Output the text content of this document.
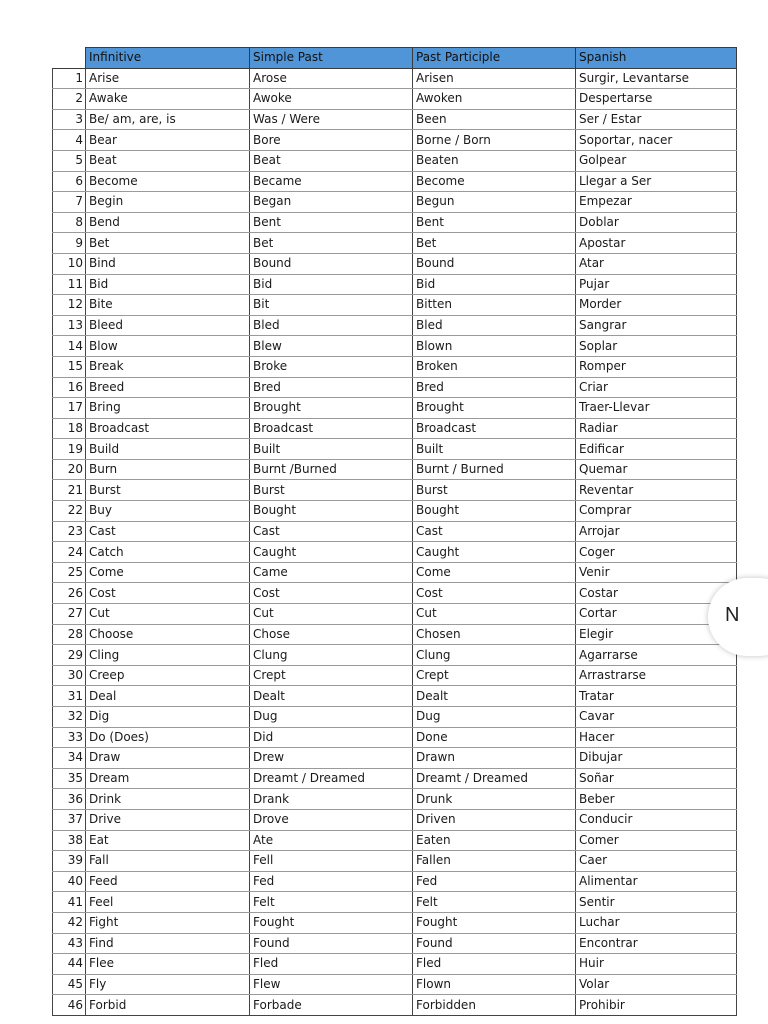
	Infinitive	Simple Past	Past Participle	Spanish
1	Arise	Arose	Arisen	Surgir, Levantarse
2	Awake	Awoke	Awoken	Despertarse
3	Be/ am, are, is	Was / Were	Been	Ser / Estar
4	Bear	Bore	Borne / Born	Soportar, nacer
5	Beat	Beat	Beaten	Golpear
6	Become	Became	Become	Llegar a Ser
7	Begin	Began	Begun	Empezar
8	Bend	Bent	Bent	Doblar
9	Bet	Bet	Bet	Apostar
10	Bind	Bound	Bound	Atar
11	Bid	Bid	Bid	Pujar
12	Bite	Bit	Bitten	Morder
13	Bleed	Bled	Bled	Sangrar
14	Blow	Blew	Blown	Soplar
15	Break	Broke	Broken	Romper
16	Breed	Bred	Bred	Criar
17	Bring	Brought	Brought	Traer-Llevar
18	Broadcast	Broadcast	Broadcast	Radiar
19	Build	Built	Built	Edificar
20	Burn	Burnt /Burned	Burnt / Burned	Quemar
21	Burst	Burst	Burst	Reventar
22	Buy	Bought	Bought	Comprar
23	Cast	Cast	Cast	Arrojar
24	Catch	Caught	Caught	Coger
25	Come	Came	Come	Venir
26	Cost	Cost	Cost	Costar
27	Cut	Cut	Cut	Cortar
28	Choose	Chose	Chosen	Elegir
29	Cling	Clung	Clung	Agarrarse
30	Creep	Crept	Crept	Arrastrarse
31	Deal	Dealt	Dealt	Tratar
32	Dig	Dug	Dug	Cavar
33	Do (Does)	Did	Done	Hacer
34	Draw	Drew	Drawn	Dibujar
35	Dream	Dreamt / Dreamed	Dreamt / Dreamed	Soñar
36	Drink	Drank	Drunk	Beber
37	Drive	Drove	Driven	Conducir
38	Eat	Ate	Eaten	Comer
39	Fall	Fell	Fallen	Caer
40	Feed	Fed	Fed	Alimentar
41	Feel	Felt	Felt	Sentir
42	Fight	Fought	Fought	Luchar
43	Find	Found	Found	Encontrar
44	Flee	Fled	Fled	Huir
45	Fly	Flew	Flown	Volar
46	Forbid	Forbade	Forbidden	Prohibir
N
